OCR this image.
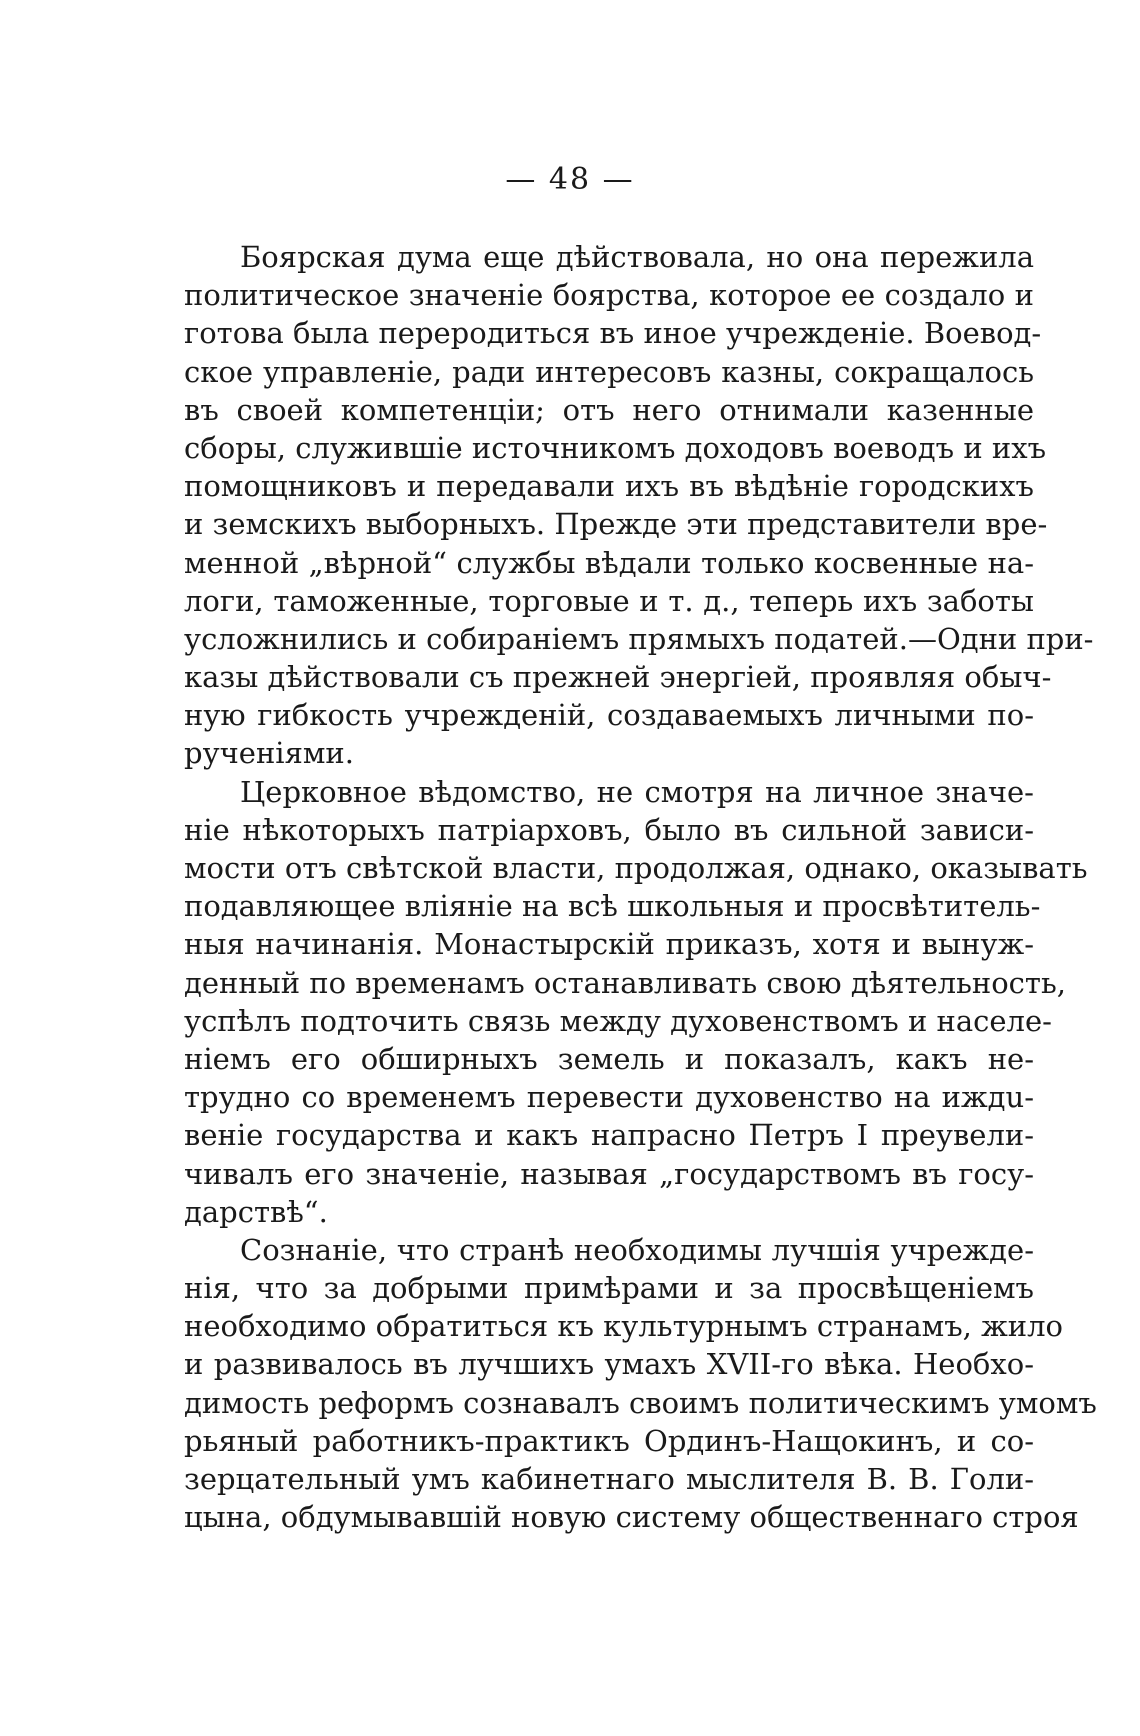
— 48 —
Боярская дума еще дѣйствовала, но она пережила
политическое значенiе боярства, которое ее создало и
готова была переродиться въ иное учрежденiе. Воевод-
ское управленiе, ради интересовъ казны, сокращалось
въ своей компетенцiи; отъ него отнимали казенные
сборы, служившiе источникомъ доходовъ воеводъ и ихъ
помощниковъ и передавали ихъ въ вѣдѣнiе городскихъ
и земскихъ выборныхъ. Прежде эти представители вре-
менной „вѣрной“ службы вѣдали только косвенные на-
логи, таможенные, торговые и т. д., теперь ихъ заботы
усложнились и собиранiемъ прямыхъ податей.—Одни при-
казы дѣйствовали съ прежней энергiей, проявляя обыч-
ную гибкость учрежденiй, создаваемыхъ личными по-
рученiями.
Церковное вѣдомство, не смотря на личное значе-
нiе нѣкоторыхъ патрiарховъ, было въ сильной зависи-
мости отъ свѣтской власти, продолжая, однако, оказывать
подавляющее влiянiе на всѣ школьныя и просвѣтитель-
ныя начинанiя. Монастырскiй приказъ, хотя и вынуж-
денный по временамъ останавливать свою дѣятельность,
успѣлъ подточить связь между духовенствомъ и населе-
нiемъ его обширныхъ земель и показалъ, какъ не-
трудно со временемъ перевести духовенство на иждu-
венiе государства и какъ напрасно Петръ I преувели-
чивалъ его значенiе, называя „государствомъ въ госу-
дарствѣ“.
Сознанiе, что странѣ необходимы лучшiя учрежде-
нiя, что за добрыми примѣрами и за просвѣщенiемъ
необходимо обратиться къ культурнымъ странамъ, жило
и развивалось въ лучшихъ умахъ XVII-го вѣка. Необхо-
димость реформъ сознавалъ своимъ политическимъ умомъ
рьяный работникъ-практикъ Ординъ-Нащокинъ, и со-
зерцательный умъ кабинетнаго мыслителя В. В. Голи-
цына, обдумывавшiй новую систему общественнаго строя
